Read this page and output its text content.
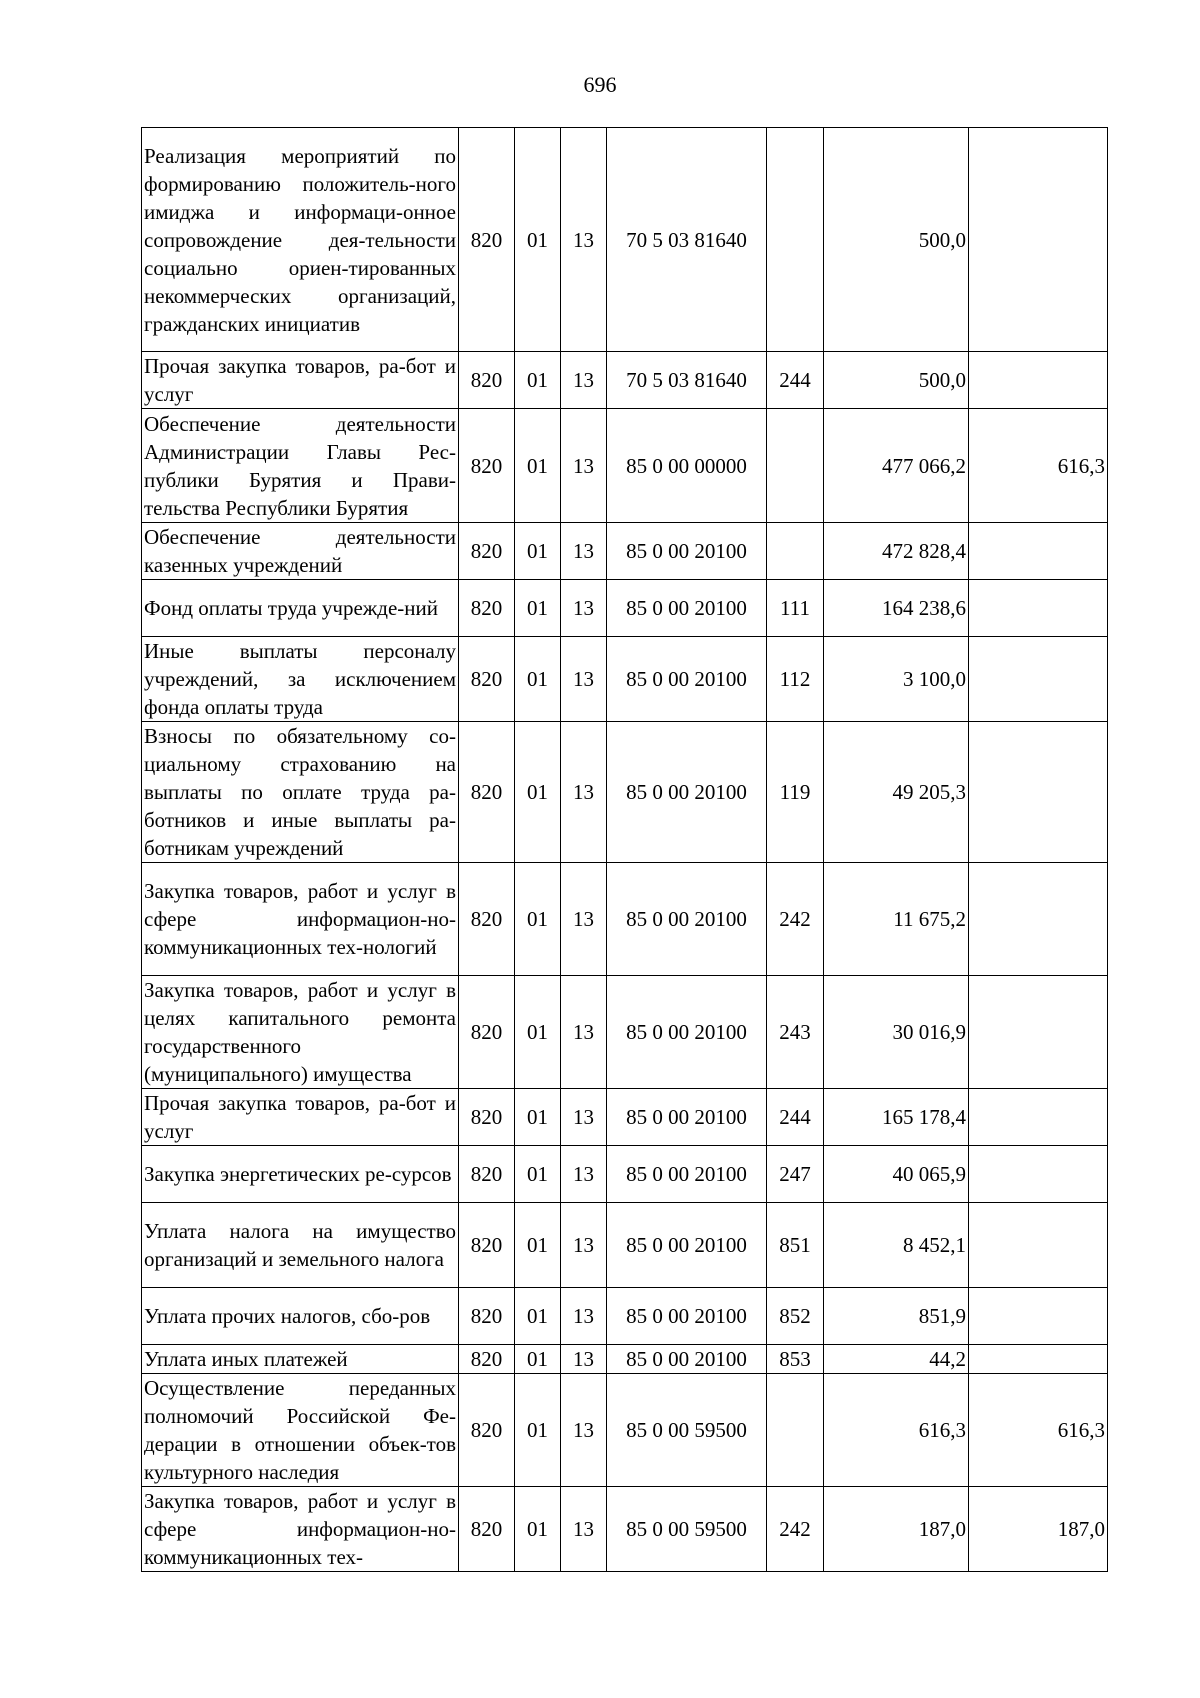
696
Реализация мероприятий по формированию положитель-ного имиджа и информаци-онное сопровождение дея-тельности социально ориен-тированных некоммерческих организаций, гражданских инициатив	820	01	13	70 5 03 81640		500,0	
Прочая закупка товаров, ра-бот и услуг	820	01	13	70 5 03 81640	244	500,0	
Обеспечение деятельности Администрации Главы Рес-публики Бурятия и Прави-тельства Республики Бурятия	820	01	13	85 0 00 00000		477 066,2	616,3
Обеспечение деятельности казенных учреждений	820	01	13	85 0 00 20100		472 828,4	
Фонд оплаты труда учрежде-ний	820	01	13	85 0 00 20100	111	164 238,6	
Иные выплаты персоналу учреждений, за исключением фонда оплаты труда	820	01	13	85 0 00 20100	112	3 100,0	
Взносы по обязательному со-циальному страхованию на выплаты по оплате труда ра-ботников и иные выплаты ра-ботникам учреждений	820	01	13	85 0 00 20100	119	49 205,3	
Закупка товаров, работ и услуг в сфере информацион-но-коммуникационных тех-нологий	820	01	13	85 0 00 20100	242	11 675,2	
Закупка товаров, работ и услуг в целях капитального ремонта государственного (муниципального) имущества	820	01	13	85 0 00 20100	243	30 016,9	
Прочая закупка товаров, ра-бот и услуг	820	01	13	85 0 00 20100	244	165 178,4	
Закупка энергетических ре-сурсов	820	01	13	85 0 00 20100	247	40 065,9	
Уплата налога на имущество организаций и земельного налога	820	01	13	85 0 00 20100	851	8 452,1	
Уплата прочих налогов, сбо-ров	820	01	13	85 0 00 20100	852	851,9	
Уплата иных платежей	820	01	13	85 0 00 20100	853	44,2	
Осуществление переданных полномочий Российской Фе-дерации в отношении объек-тов культурного наследия	820	01	13	85 0 00 59500		616,3	616,3
Закупка товаров, работ и услуг в сфере информацион-но-коммуникационных тех-	820	01	13	85 0 00 59500	242	187,0	187,0
